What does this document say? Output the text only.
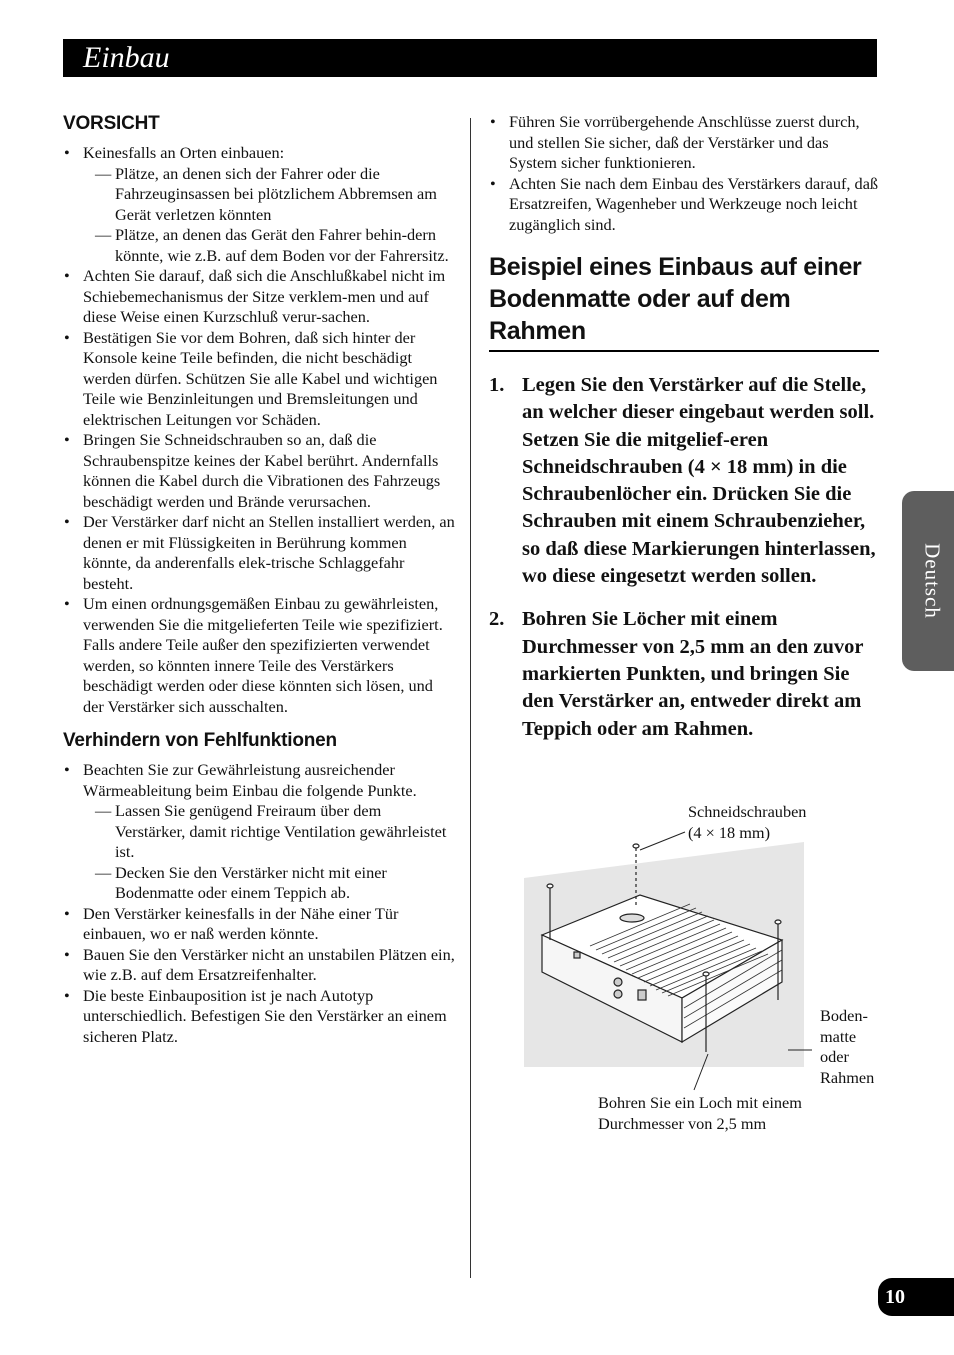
Einbau
VORSICHT
• Keinesfalls an Orten einbauen:
— Plätze, an denen sich der Fahrer oder die Fahrzeuginsassen bei plötzlichem Abbremsen am Gerät verletzen könnten
— Plätze, an denen das Gerät den Fahrer behin-dern könnte, wie z.B. auf dem Boden vor der Fahrersitz.
• Achten Sie darauf, daß sich die Anschlußkabel nicht im Schiebemechanismus der Sitze verklem-men und auf diese Weise einen Kurzschluß verur-sachen.
• Bestätigen Sie vor dem Bohren, daß sich hinter der Konsole keine Teile befinden, die nicht beschädigt werden dürfen. Schützen Sie alle Kabel und wichtigen Teile wie Benzinleitungen und Bremsleitungen und elektrischen Leitungen vor Schäden.
• Bringen Sie Schneidschrauben so an, daß die Schraubenspitze keines der Kabel berührt. Andernfalls können die Kabel durch die Vibrationen des Fahrzeugs beschädigt werden und Brände verursachen.
• Der Verstärker darf nicht an Stellen installiert werden, an denen er mit Flüssigkeiten in Berührung kommen könnte, da anderenfalls elek-trische Schlaggefahr besteht.
• Um einen ordnungsgemäßen Einbau zu gewährleisten, verwenden Sie die mitgelieferten Teile wie spezifiziert. Falls andere Teile außer den spezifizierten verwendet werden, so könnten innere Teile des Verstärkers beschädigt werden oder diese könnten sich lösen, und der Verstärker sich ausschalten.
Verhindern von Fehlfunktionen
• Beachten Sie zur Gewährleistung ausreichender Wärmeableitung beim Einbau die folgende Punkte.
— Lassen Sie genügend Freiraum über dem Verstärker, damit richtige Ventilation gewährleistet ist.
— Decken Sie den Verstärker nicht mit einer Bodenmatte oder einem Teppich ab.
• Den Verstärker keinesfalls in der Nähe einer Tür einbauen, wo er naß werden könnte.
• Bauen Sie den Verstärker nicht an unstabilen Plätzen ein, wie z.B. auf dem Ersatzreifenhalter.
• Die beste Einbauposition ist je nach Autotyp unterschiedlich. Befestigen Sie den Verstärker an einem sicheren Platz.
• Führen Sie vorrübergehende Anschlüsse zuerst durch, und stellen Sie sicher, daß der Verstärker und das System sicher funktionieren.
• Achten Sie nach dem Einbau des Verstärkers darauf, daß Ersatzreifen, Wagenheber und Werkzeuge noch leicht zugänglich sind.
Beispiel eines Einbaus auf einer Bodenmatte oder auf dem Rahmen
1. Legen Sie den Verstärker auf die Stelle, an welcher dieser eingebaut werden soll. Setzen Sie die mitgelief-eren Schneidschrauben (4 × 18 mm) in die Schraubenlöcher ein. Drücken Sie die Schrauben mit einem Schraubenzieher, so daß diese Markierungen hinterlassen, wo diese eingesetzt werden sollen.
2. Bohren Sie Löcher mit einem Durchmesser von 2,5 mm an den zuvor markierten Punkten, und bringen Sie den Verstärker an, entweder direkt am Teppich oder am Rahmen.
Schneidschrauben
(4 × 18 mm)
Boden-
matte
oder
Rahmen
Bohren Sie ein Loch mit einem
Durchmesser von 2,5 mm
Deutsch
10
